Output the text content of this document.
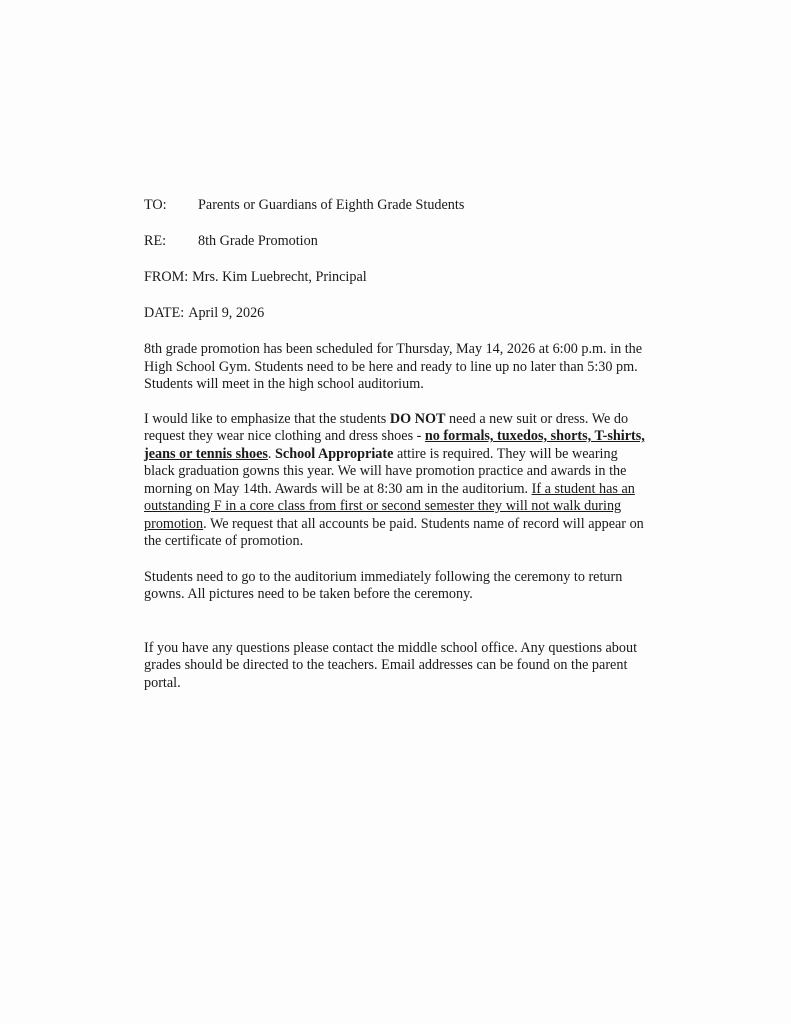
TO: Parents or Guardians of Eighth Grade Students
RE: 8th Grade Promotion
FROM: Mrs. Kim Luebrecht, Principal
DATE: April 9, 2026

8th grade promotion has been scheduled for Thursday, May 14, 2026 at 6:00 p.m. in the
High School Gym. Students need to be here and ready to line up no later than 5:30 pm.
Students will meet in the high school auditorium.

I would like to emphasize that the students DO NOT need a new suit or dress. We do
request they wear nice clothing and dress shoes - no formals, tuxedos, shorts, T-shirts,
jeans or tennis shoes. School Appropriate attire is required. They will be wearing
black graduation gowns this year. We will have promotion practice and awards in the
morning on May 14th. Awards will be at 8:30 am in the auditorium. If a student has an
outstanding F in a core class from first or second semester they will not walk during
promotion. We request that all accounts be paid. Students name of record will appear on
the certificate of promotion.

Students need to go to the auditorium immediately following the ceremony to return
gowns. All pictures need to be taken before the ceremony.

If you have any questions please contact the middle school office. Any questions about
grades should be directed to the teachers. Email addresses can be found on the parent
portal.
